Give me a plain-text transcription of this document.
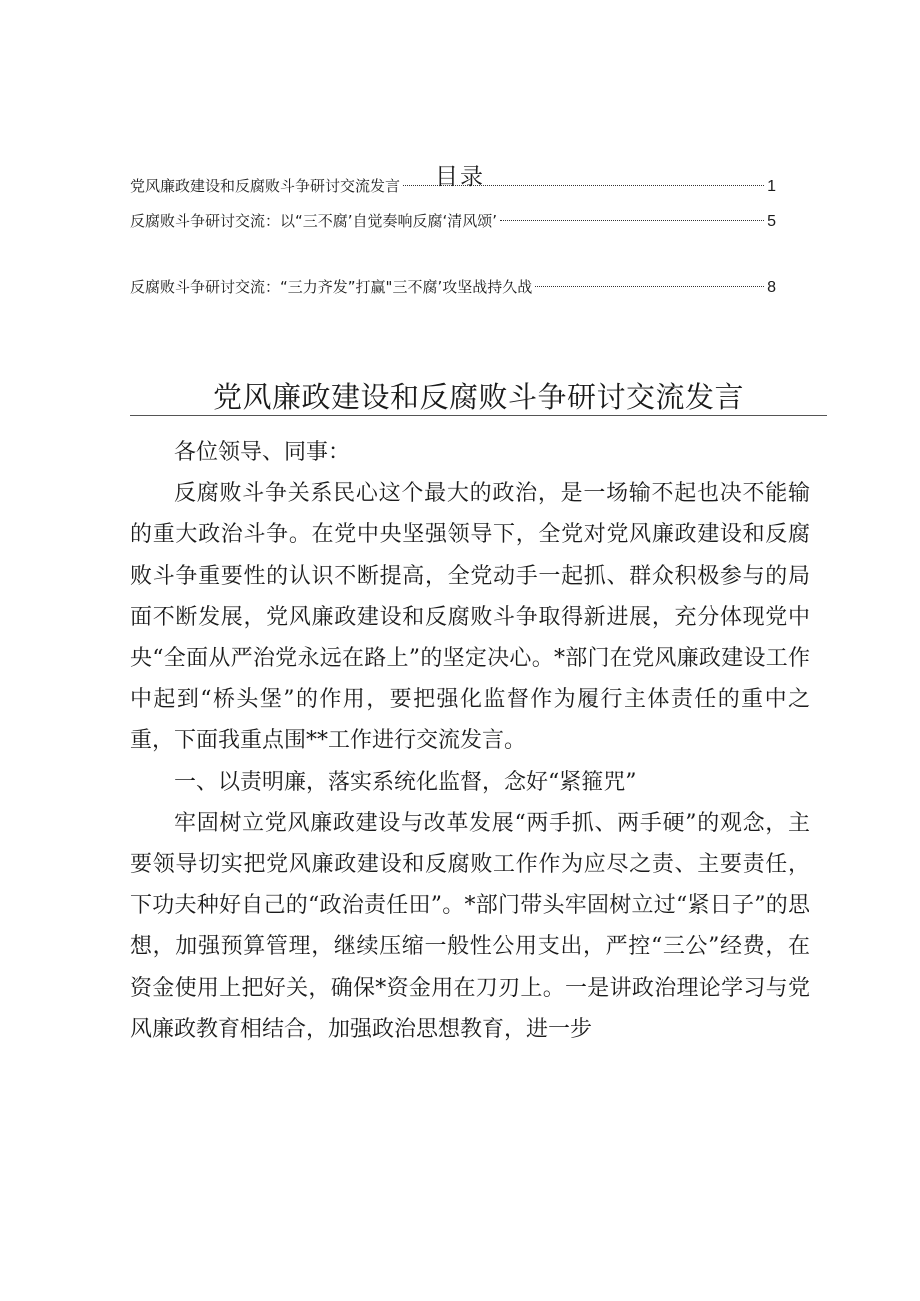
目录
党风廉政建设和反腐败斗争研讨交流发言	1
反腐败斗争研讨交流：以“三不腐’自觉奏响反腐‘清风颂’	5
反腐败斗争研讨交流：“三力齐发”打赢"三不腐’攻坚战持久战	8
党风廉政建设和反腐败斗争研讨交流发言

各位领导、同事：

反腐败斗争关系民心这个最大的政治，是一场输不起也决不能输的重大政治斗争。在党中央坚强领导下，全党对党风廉政建设和反腐败斗争重要性的认识不断提高，全党动手一起抓、群众积极参与的局面不断发展，党风廉政建设和反腐败斗争取得新进展，充分体现党中央“全面从严治党永远在路上”的坚定决心。*部门在党风廉政建设工作中起到“桥头堡”的作用，要把强化监督作为履行主体责任的重中之重，下面我重点围**工作进行交流发言。

一、以责明廉，落实系统化监督，念好“紧箍咒”

牢固树立党风廉政建设与改革发展“两手抓、两手硬”的观念，主要领导切实把党风廉政建设和反腐败工作作为应尽之责、主要责任，下功夫种好自己的“政治责任田”。*部门带头牢固树立过“紧日子”的思想，加强预算管理，继续压缩一般性公用支出，严控“三公”经费，在资金使用上把好关，确保*资金用在刀刃上。一是讲政治理论学习与党风廉政教育相结合，加强政治思想教育，进一步
